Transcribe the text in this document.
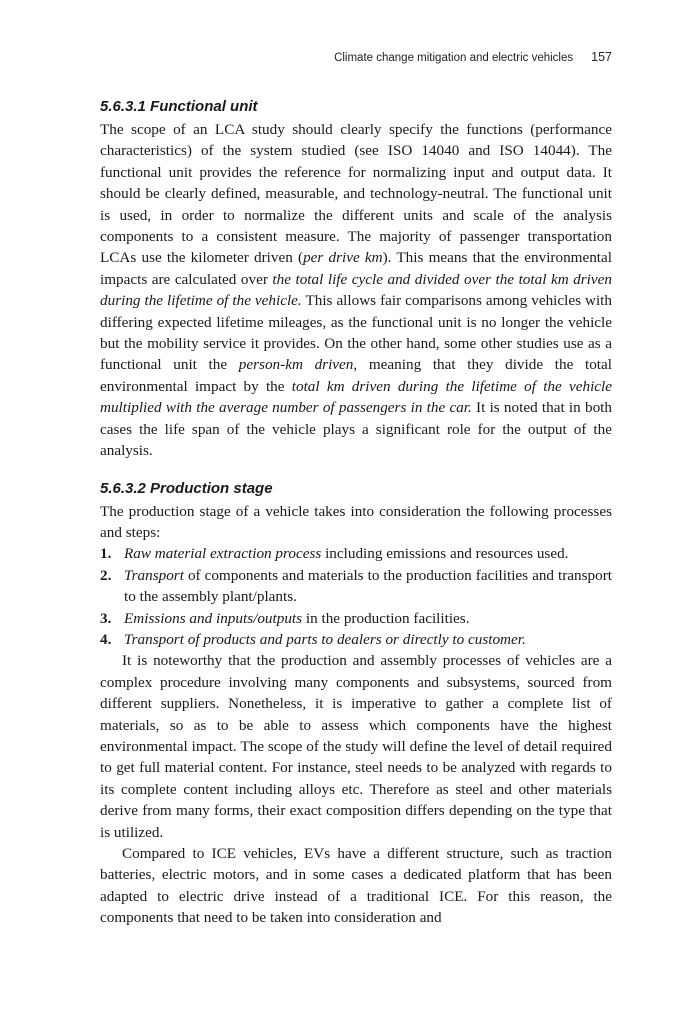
Climate change mitigation and electric vehicles 157
5.6.3.1 Functional unit

The scope of an LCA study should clearly specify the functions (performance characteristics) of the system studied (see ISO 14040 and ISO 14044). The functional unit provides the reference for normalizing input and output data. It should be clearly defined, measurable, and technology-neutral. The functional unit is used, in order to normalize the different units and scale of the analysis components to a consistent measure. The majority of passenger transportation LCAs use the kilometer driven (per drive km). This means that the environmental impacts are calculated over the total life cycle and divided over the total km driven during the lifetime of the vehicle. This allows fair comparisons among vehicles with differing expected lifetime mileages, as the functional unit is no longer the vehicle but the mobility service it provides. On the other hand, some other studies use as a functional unit the person-km driven, meaning that they divide the total environmental impact by the total km driven during the lifetime of the vehicle multiplied with the average number of passengers in the car. It is noted that in both cases the life span of the vehicle plays a significant role for the output of the analysis.

5.6.3.2 Production stage

The production stage of a vehicle takes into consideration the following processes and steps:

1. Raw material extraction process including emissions and resources used.
2. Transport of components and materials to the production facilities and transport to the assembly plant/plants.
3. Emissions and inputs/outputs in the production facilities.
4. Transport of products and parts to dealers or directly to customer.

It is noteworthy that the production and assembly processes of vehicles are a complex procedure involving many components and subsystems, sourced from different suppliers. Nonetheless, it is imperative to gather a complete list of materials, so as to be able to assess which components have the highest environmental impact. The scope of the study will define the level of detail required to get full material content. For instance, steel needs to be analyzed with regards to its complete content including alloys etc. Therefore as steel and other materials derive from many forms, their exact composition differs depending on the type that is utilized.

Compared to ICE vehicles, EVs have a different structure, such as traction batteries, electric motors, and in some cases a dedicated platform that has been adapted to electric drive instead of a traditional ICE. For this reason, the components that need to be taken into consideration and
